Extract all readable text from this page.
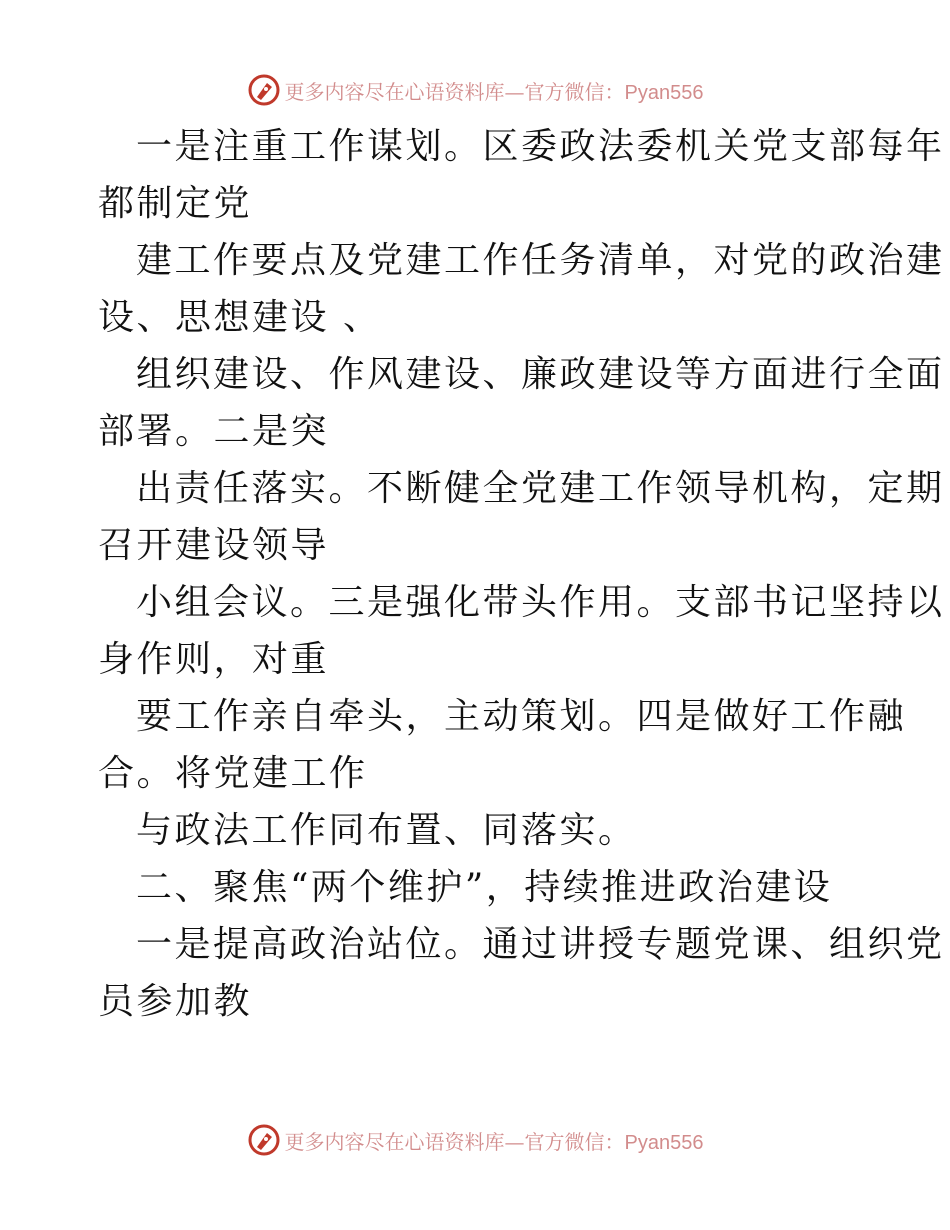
更多内容尽在心语资料库—官方微信：Pyan556
一是注重工作谋划。区委政法委机关党支部每年
都制定党
建工作要点及党建工作任务清单，对党的政治建
设、思想建设 、
组织建设、作风建设、廉政建设等方面进行全面
部署。二是突
出责任落实。不断健全党建工作领导机构，定期
召开建设领导
小组会议。三是强化带头作用。支部书记坚持以
身作则，对重
要工作亲自牵头，主动策划。四是做好工作融
合。将党建工作
与政法工作同布置、同落实。
二、聚焦“两个维护”，持续推进政治建设
一是提高政治站位。通过讲授专题党课、组织党
员参加教
更多内容尽在心语资料库—官方微信：Pyan556
